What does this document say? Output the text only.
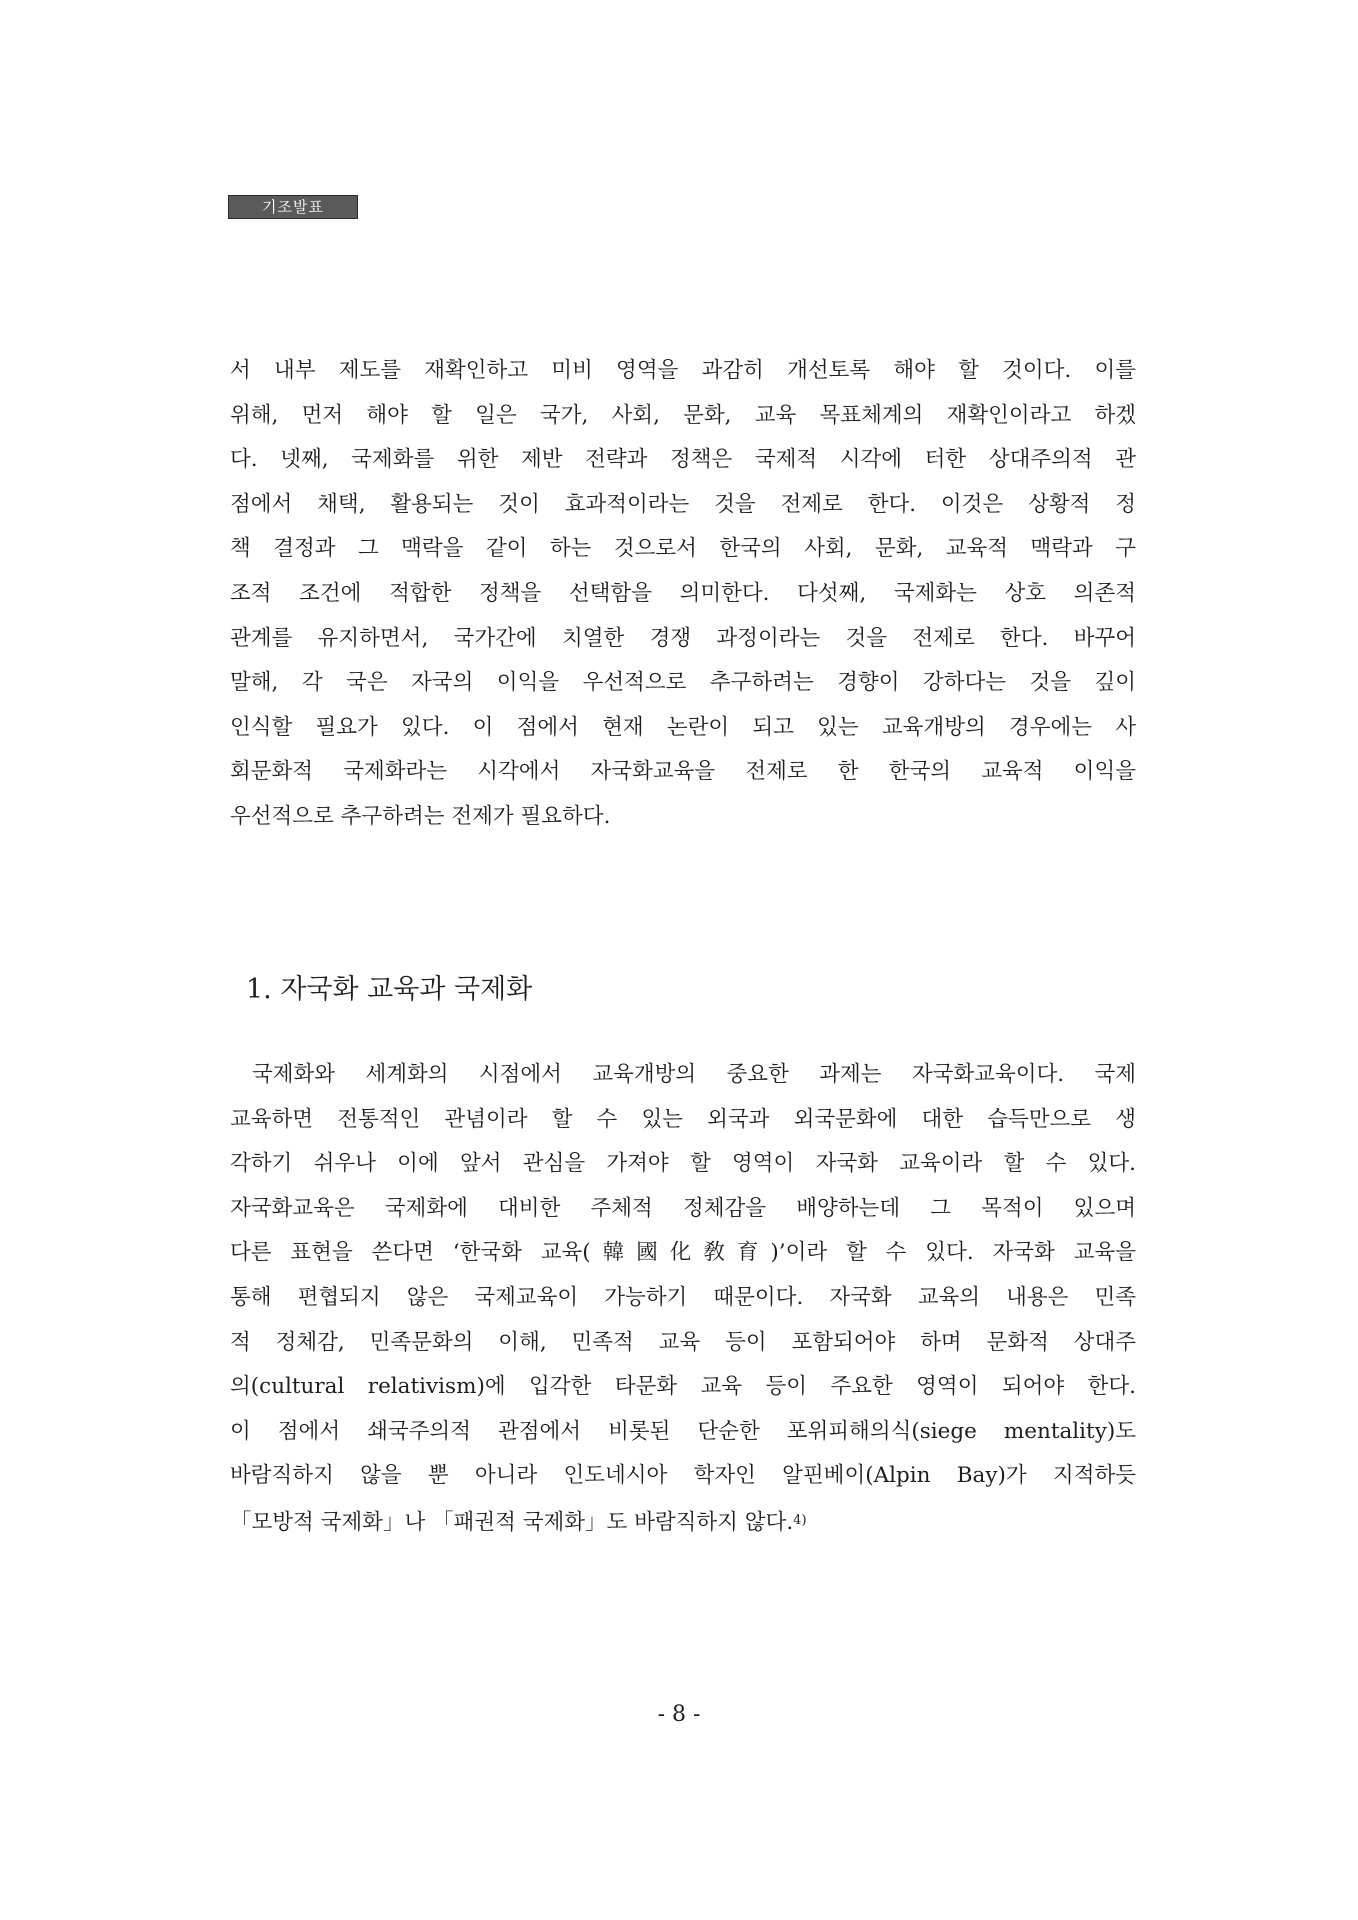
기조발표
서 내부 제도를 재확인하고 미비 영역을 과감히 개선토록 해야 할 것이다. 이를
위해, 먼저 해야 할 일은 국가, 사회, 문화, 교육 목표체계의 재확인이라고 하겠
다. 넷째, 국제화를 위한 제반 전략과 정책은 국제적 시각에 터한 상대주의적 관
점에서 채택, 활용되는 것이 효과적이라는 것을 전제로 한다. 이것은 상황적 정
책 결정과 그 맥락을 같이 하는 것으로서 한국의 사회, 문화, 교육적 맥락과 구
조적 조건에 적합한 정책을 선택함을 의미한다. 다섯째, 국제화는 상호 의존적
관계를 유지하면서, 국가간에 치열한 경쟁 과정이라는 것을 전제로 한다. 바꾸어
말해, 각 국은 자국의 이익을 우선적으로 추구하려는 경향이 강하다는 것을 깊이
인식할 필요가 있다. 이 점에서 현재 논란이 되고 있는 교육개방의 경우에는 사
회문화적 국제화라는 시각에서 자국화교육을 전제로 한 한국의 교육적 이익을
우선적으로 추구하려는 전제가 필요하다.
1. 자국화 교육과 국제화
국제화와 세계화의 시점에서 교육개방의 중요한 과제는 자국화교육이다. 국제
교육하면 전통적인 관념이라 할 수 있는 외국과 외국문화에 대한 습득만으로 생
각하기 쉬우나 이에 앞서 관심을 가져야 할 영역이 자국화 교육이라 할 수 있다.
자국화교육은 국제화에 대비한 주체적 정체감을 배양하는데 그 목적이 있으며
다른 표현을 쓴다면 ‘한국화 교육(韓國化敎育)’이라 할 수 있다. 자국화 교육을
통해 편협되지 않은 국제교육이 가능하기 때문이다. 자국화 교육의 내용은 민족
적 정체감, 민족문화의 이해, 민족적 교육 등이 포함되어야 하며 문화적 상대주
의(cultural relativism)에 입각한 타문화 교육 등이 주요한 영역이 되어야 한다.
이 점에서 쇄국주의적 관점에서 비롯된 단순한 포위피해의식(siege mentality)도
바람직하지 않을 뿐 아니라 인도네시아 학자인 알핀베이(Alpin Bay)가 지적하듯
「모방적 국제화」나 「패권적 국제화」도 바람직하지 않다.$^{4)}$
- 8 -
